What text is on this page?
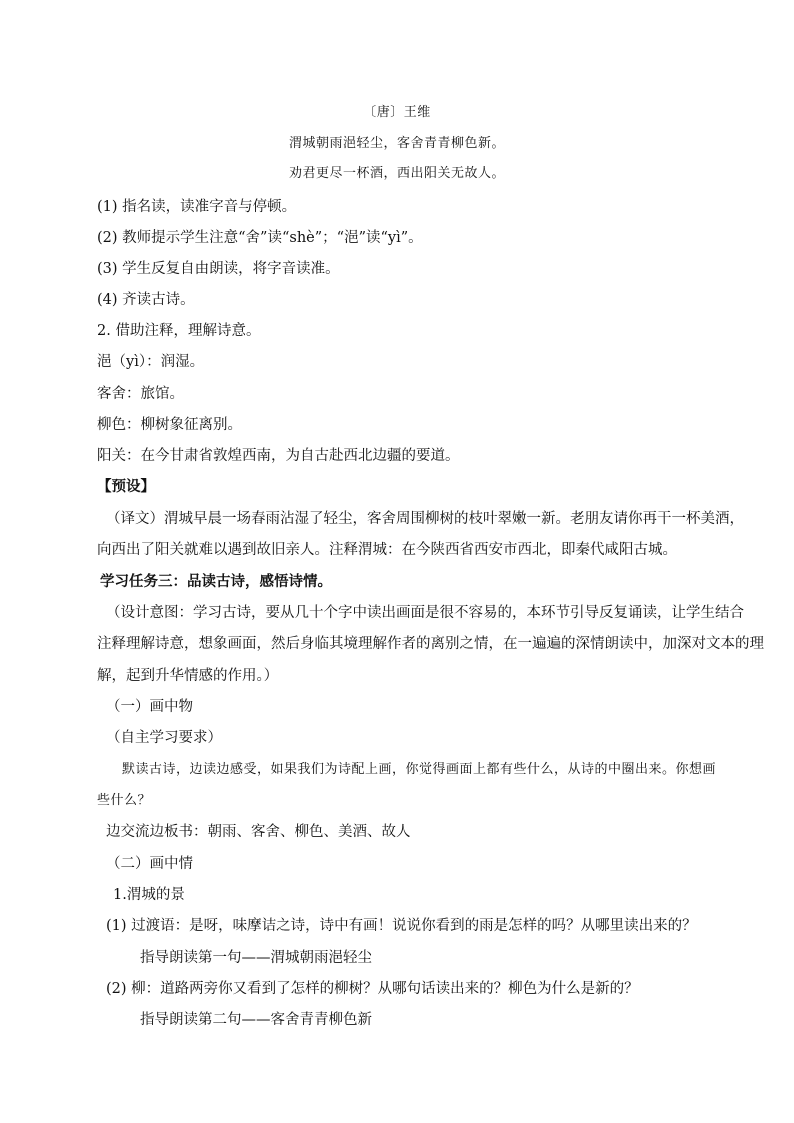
〔唐〕王维
渭城朝雨浥轻尘，客舍青青柳色新。
劝君更尽一杯酒，西出阳关无故人。
(1) 指名读，读准字音与停顿。
(2) 教师提示学生注意“舍”读“shè”；“浥”读“yì”。
(3) 学生反复自由朗读，将字音读准。
(4) 齐读古诗。
2. 借助注释，理解诗意。
浥（yì）：润湿。
客舍：旅馆。
柳色：柳树象征离别。
阳关：在今甘肃省敦煌西南，为自古赴西北边疆的要道。
【预设】
（译文）渭城早晨一场春雨沾湿了轻尘，客舍周围柳树的枝叶翠嫩一新。老朋友请你再干一杯美酒，
向西出了阳关就难以遇到故旧亲人。注释渭城：在今陕西省西安市西北，即秦代咸阳古城。
学习任务三：品读古诗，感悟诗情。
（设计意图：学习古诗，要从几十个字中读出画面是很不容易的，本环节引导反复诵读，让学生结合
注释理解诗意，想象画面，然后身临其境理解作者的离别之情，在一遍遍的深情朗读中，加深对文本的理
解，起到升华情感的作用。）
（一）画中物
（自主学习要求）
默读古诗，边读边感受，如果我们为诗配上画，你觉得画面上都有些什么，从诗的中圈出来。你想画
些什么？
边交流边板书：朝雨、客舍、柳色、美酒、故人
（二）画中情
1.渭城的景
(1) 过渡语：是呀，味摩诘之诗，诗中有画！说说你看到的雨是怎样的吗？从哪里读出来的？
指导朗读第一句——渭城朝雨浥轻尘
(2) 柳：道路两旁你又看到了怎样的柳树？从哪句话读出来的？柳色为什么是新的？
指导朗读第二句——客舍青青柳色新
